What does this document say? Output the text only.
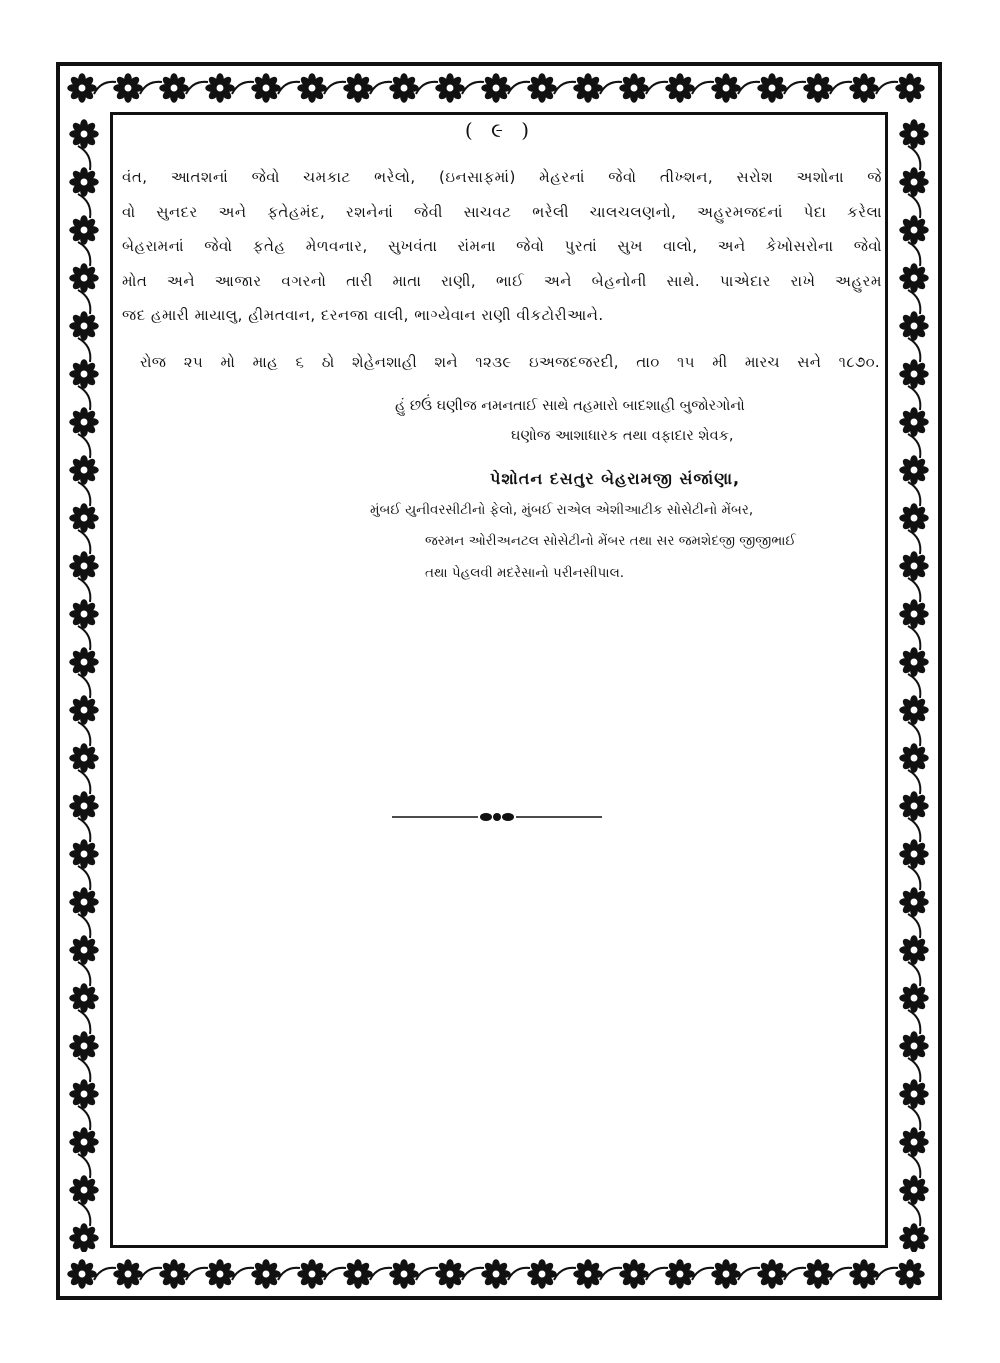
( ૯ )
વંત, આતશનાં જેવો ચમકાટ ભરેલો, (ઇનસાફમાં) મેહરનાં જેવો તીખ્શન, સરોશ અશોના જે
વો સુનદર અને ફતેહમંદ, રશનેનાં જેવી સાચવટ ભરેલી ચાલચલણનો, અહુરમજદનાં પેદા કરેલા
બેહરામનાં જેવો ફતેહ મેળવનાર, સુખવંતા રાંમના જેવો પુરતાં સુખ વાલો, અને કેખોસરોના જેવો
મોત અને આજાર વગરનો તારી માતા રાણી, ભાઈ અને બેહનોની સાથે. પાએદાર રાખે અહુરમ
જદ હમારી માયાલુ, હીમતવાન, દરનજા વાલી, ભાગ્યેવાન રાણી વીકટોરીઆને.
રોજ ૨૫ મો માહ ૬ ઠો શેહેનશાહી શને ૧૨૩૯ ઇઅજદજરદી, તા૦ ૧૫ મી મારચ સને ૧૮૭૦.
હું છઉં ઘણીજ નમનતાઈ સાથે તહમારો બાદશાહી બુજોરગોનો
ઘણોજ આશાધારક તથા વફાદાર શેવક,
પેશોતન દસતુર બેહરામજી સંજાંણા,
મુંબઈ યુનીવરસીટીનો ફેલો, મુંબઈ રાએલ એશીઆટીક સોસેટીનો મેંબર,
જરમન ઓરીઅનટલ સોસેટીનો મેંબર તથા સર જમશેદજી જીજીભાઈ
તથા પેહલવી મદરેસાનો પરીનસીપાલ.
